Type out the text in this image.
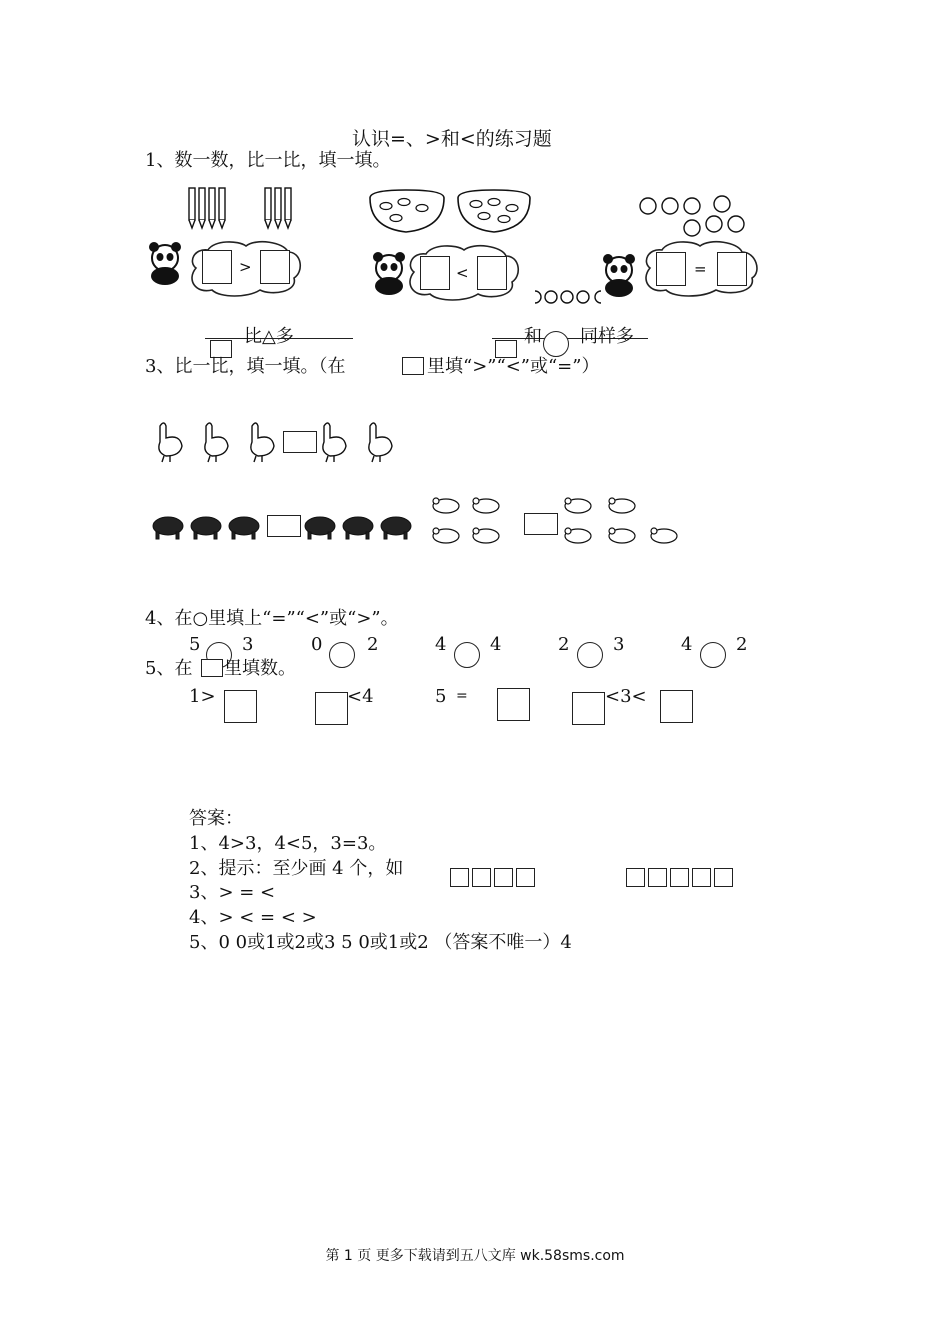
认识=、>和<的练习题
1、数一数，比一比，填一填。
>	<	=
比△多	和 同样多
3、比一比，填一填。（在	里填“>”“<”或“=”）
4、在○里填上“=”“<”或“>”。
5 3	0 2	4 4	2 3	4 2
5、在 里填数。
1>	<4	5 =	<3<
答案：
1、4>3，4<5，3=3。
2、提示：至少画 4 个，如
3、> = <
4、> < = < >
5、0 0或1或2或3 5 0或1或2 （答案不唯一）4
第 1 页 更多下载请到五八文库 wk.58sms.com
